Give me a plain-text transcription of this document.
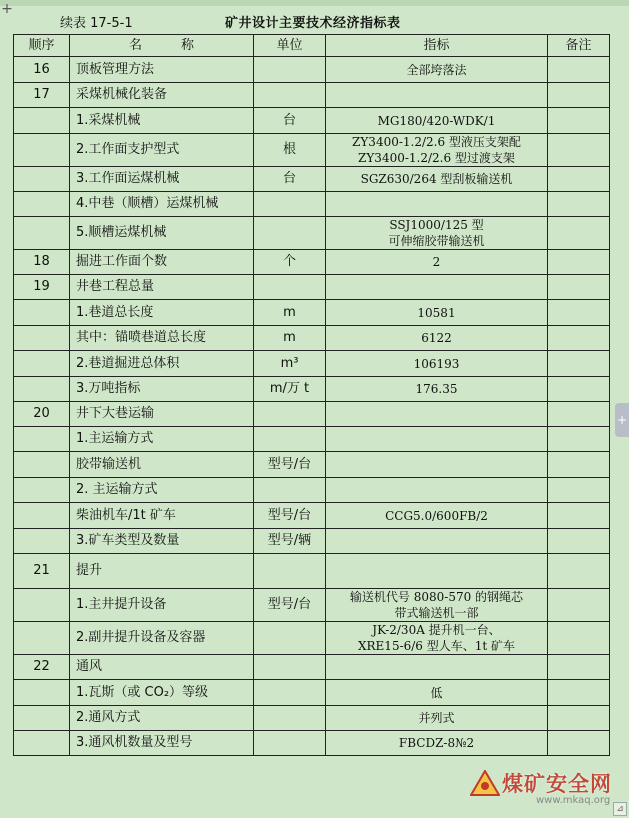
+
续表 17-5-1	矿井设计主要技术经济指标表
顺序	名　　　称	单位	指标	备注
16	顶板管理方法		全部垮落法	

17	采煤机械化装备			
	1.采煤机械	台	MG180/420-WDK/1	

	2.工作面支护型式	根	ZY3400-1.2/2.6 型液压支架配
ZY3400-1.2/2.6 型过渡支架	

	3.工作面运煤机械	台	SGZ630/264 型刮板输送机	

	4.中巷（顺槽）运煤机械			
	5.顺槽运煤机械		SSJ1000/125 型
可伸缩胶带输送机	

18	掘进工作面个数	个	2	

19	井巷工程总量			
	1.巷道总长度	m	10581	

	其中：锚喷巷道总长度	m	6122	

	2.巷道掘进总体积	m³	106193	

	3.万吨指标	m/万 t	176.35	

20	井下大巷运输			
	1.主运输方式			
	胶带输送机	型号/台		
	2. 主运输方式			
	柴油机车/1t 矿车	型号/台	CCG5.0/600FB/2	

	3.矿车类型及数量	型号/辆		
21	提升			
	1.主井提升设备	型号/台	输送机代号 8080-570 的钢绳芯
带式输送机一部	

	2.副井提升设备及容器		JK-2/30A 提升机一台、
XRE15-6/6 型人车、1t 矿车	

22	通风			
	1.瓦斯（或 CO₂）等级		低	

	2.通风方式		并列式	

	3.通风机数量及型号		FBCDZ-8№2	

+
⊿
煤矿安全网
www.mkaq.org
